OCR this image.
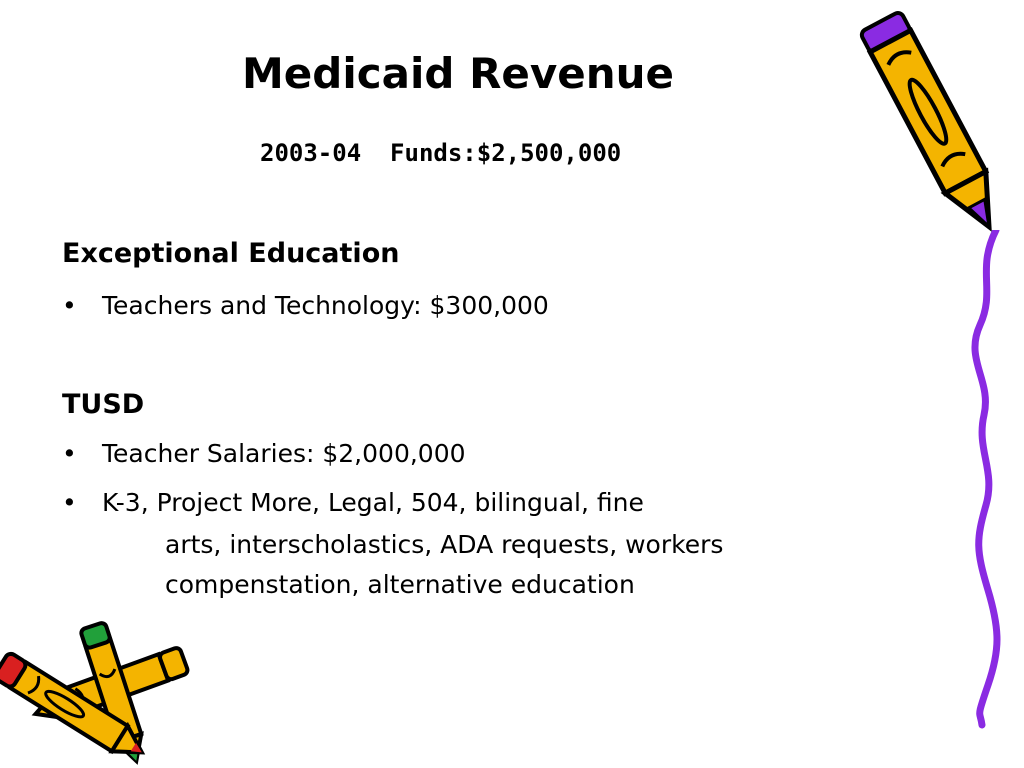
Medicaid Revenue

2003-04  Funds:$2,500,000

Exceptional Education

• Teachers and Technology: $300,000

TUSD

• Teacher Salaries: $2,000,000
• K-3, Project More, Legal, 504, bilingual, fine
arts, interscholastics, ADA requests, workers
compenstation, alternative education
